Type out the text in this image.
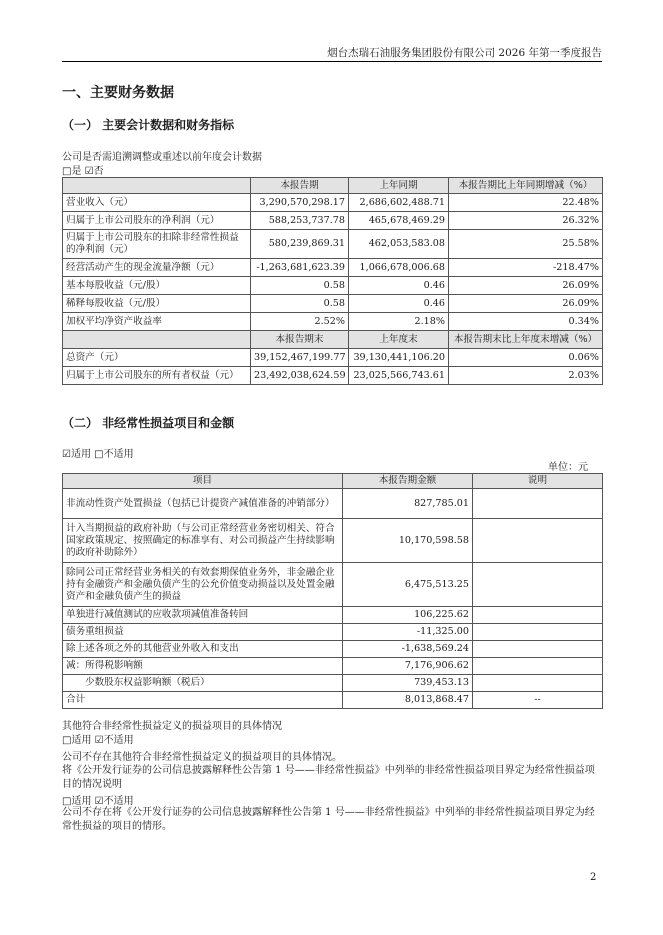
烟台杰瑞石油服务集团股份有限公司 2026 年第一季度报告
一、主要财务数据
（一） 主要会计数据和财务指标
公司是否需追溯调整或重述以前年度会计数据
□是 ☑否
	本报告期	上年同期	本报告期比上年同期增减（%）
营业收入（元）	3,290,570,298.17	2,686,602,488.71	22.48%
归属于上市公司股东的净利润（元）	588,253,737.78	465,678,469.29	26.32%
归属于上市公司股东的扣除非经常性损益的净利润（元）	580,239,869.31	462,053,583.08	25.58%
经营活动产生的现金流量净额（元）	-1,263,681,623.39	1,066,678,006.68	-218.47%
基本每股收益（元/股）	0.58	0.46	26.09%
稀释每股收益（元/股）	0.58	0.46	26.09%
加权平均净资产收益率	2.52%	2.18%	0.34%
	本报告期末	上年度末	本报告期末比上年度末增减（%）
总资产（元）	39,152,467,199.77	39,130,441,106.20	0.06%
归属于上市公司股东的所有者权益（元）	23,492,038,624.59	23,025,566,743.61	2.03%
（二） 非经常性损益项目和金额
☑适用 □不适用
单位：元
项目	本报告期金额	说明
非流动性资产处置损益（包括已计提资产减值准备的冲销部分）	827,785.01	
计入当期损益的政府补助（与公司正常经营业务密切相关、符合国家政策规定、按照确定的标准享有、对公司损益产生持续影响的政府补助除外）	10,170,598.58	
除同公司正常经营业务相关的有效套期保值业务外，非金融企业持有金融资产和金融负债产生的公允价值变动损益以及处置金融资产和金融负债产生的损益	6,475,513.25	
单独进行减值测试的应收款项减值准备转回	106,225.62	
债务重组损益	-11,325.00	
除上述各项之外的其他营业外收入和支出	-1,638,569.24	
减：所得税影响额	7,176,906.62	
少数股东权益影响额（税后）	739,453.13	
合计	8,013,868.47	--
其他符合非经常性损益定义的损益项目的具体情况
□适用 ☑不适用
公司不存在其他符合非经常性损益定义的损益项目的具体情况。
将《公开发行证券的公司信息披露解释性公告第 1 号——非经常性损益》中列举的非经常性损益项目界定为经常性损益项目的情况说明
□适用 ☑不适用
公司不存在将《公开发行证券的公司信息披露解释性公告第 1 号——非经常性损益》中列举的非经常性损益项目界定为经常性损益的项目的情形。
2
